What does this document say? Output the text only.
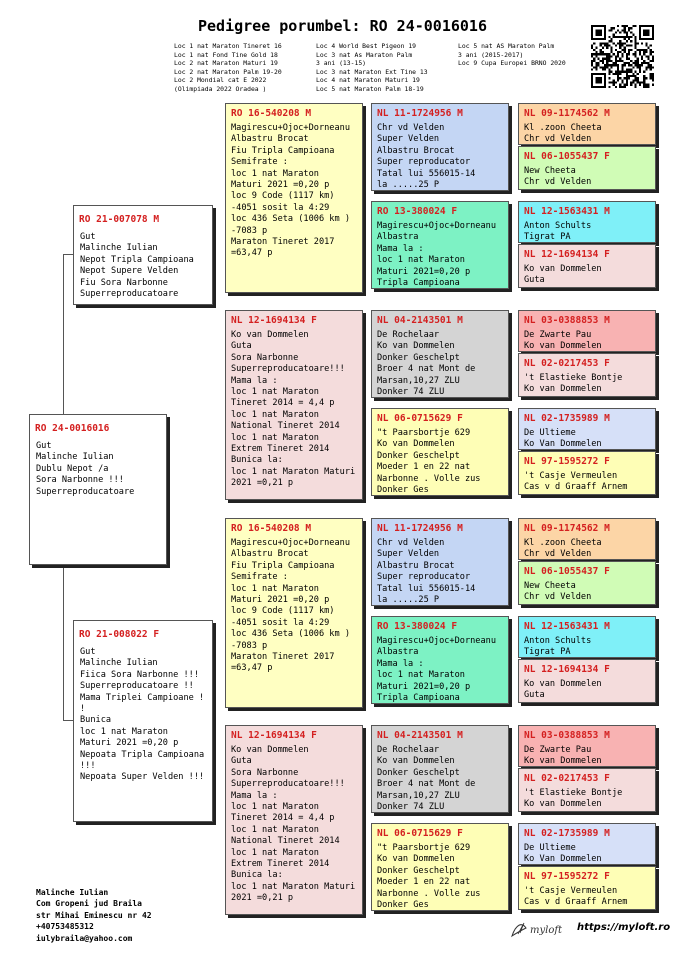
Pedigree porumbel: RO 24-0016016
Loc 1 nat Maraton Tineret 16
Loc 1 nat Fond Tine Gold 18
Loc 2 nat Maraton Maturi 19
Loc 2 nat Maraton Palm 19-20
Loc 2 Mondial cat E 2022
(Olimpiada 2022 Oradea )
Loc 4 World Best Pigeon 19
Loc 3 nat As Maraton Palm
3 ani (13-15)
Loc 3 nat Maraton Ext Tine 13
Loc 4 nat Maraton Maturi 19
Loc 5 nat Maraton Palm 18-19
Loc 5 nat AS Maraton Palm
3 ani (2015-2017)
Loc 9 Cupa Europei BRNO 2020
RO 24-0016016
Gut
Malinche Iulian
Dublu Nepot /a
Sora Narbonne !!!
Superreproducatoare
RO 21-007078 M
Gut
Malinche Iulian
Nepot Tripla Campioana
Nepot Supere Velden
Fiu Sora Narbonne
Superreproducatoare
RO 21-008022 F
Gut
Malinche Iulian
Fiica Sora Narbonne !!!
Superreproducatoare !!
Mama Triplei Campioane !
!
Bunica
loc 1 nat Maraton
Maturi 2021 =0,20 p
Nepoata Tripla Campioana
!!!
Nepoata Super Velden !!!
RO 16-540208 M
Magirescu+Ojoc+Dorneanu
Albastru Brocat
Fiu Tripla Campioana
Semifrate :
loc 1 nat Maraton
Maturi 2021 =0,20 p
loc 9 Code (1117 km)
-4051 sosit la 4:29
loc 436 Seta (1006 km )
-7083 p
Maraton Tineret 2017
=63,47 p
NL 12-1694134 F
Ko van Dommelen
Guta
Sora Narbonne
Superreproducatoare!!!
Mama la :
loc 1 nat Maraton
Tineret 2014 = 4,4 p
loc 1 nat Maraton
National Tineret 2014
loc 1 nat Maraton
Extrem Tineret 2014
Bunica la:
loc 1 nat Maraton Maturi
2021 =0,21 p
NL 11-1724956 M
Chr vd Velden
Super Velden
Albastru Brocat
Super reproducator
Tatal lui 556015-14
la .....25 P
RO 13-380024 F
Magirescu+Ojoc+Dorneanu
Albastra
Mama la :
loc 1 nat Maraton
Maturi 2021=0,20 p
Tripla Campioana
NL 04-2143501 M
De Rochelaar
Ko van Dommelen
Donker Geschelpt
Broer 4 nat Mont de
Marsan,10,27 ZLU
Donker 74 ZLU
NL 06-0715629 F
"t Paarsbortje 629
Ko van Dommelen
Donker Geschelpt
Moeder 1 en 22 nat
Narbonne . Volle zus
Donker Ges
NL 09-1174562 M
Kl .zoon Cheeta
Chr vd Velden
NL 06-1055437 F
New Cheeta
Chr vd Velden
NL 12-1563431 M
Anton Schults
Tigrat PA
NL 12-1694134 F
Ko van Dommelen
Guta
NL 03-0388853 M
De Zwarte Pau
Ko van Dommelen
NL 02-0217453 F
't Elastieke Bontje
Ko van Dommelen
NL 02-1735989 M
De Ultieme
Ko Van Dommelen
NL 97-1595272 F
't Casje Vermeulen
Cas v d Graaff Arnem
RO 16-540208 M
Magirescu+Ojoc+Dorneanu
Albastru Brocat
Fiu Tripla Campioana
Semifrate :
loc 1 nat Maraton
Maturi 2021 =0,20 p
loc 9 Code (1117 km)
-4051 sosit la 4:29
loc 436 Seta (1006 km )
-7083 p
Maraton Tineret 2017
=63,47 p
NL 12-1694134 F
Ko van Dommelen
Guta
Sora Narbonne
Superreproducatoare!!!
Mama la :
loc 1 nat Maraton
Tineret 2014 = 4,4 p
loc 1 nat Maraton
National Tineret 2014
loc 1 nat Maraton
Extrem Tineret 2014
Bunica la:
loc 1 nat Maraton Maturi
2021 =0,21 p
NL 11-1724956 M
Chr vd Velden
Super Velden
Albastru Brocat
Super reproducator
Tatal lui 556015-14
la .....25 P
RO 13-380024 F
Magirescu+Ojoc+Dorneanu
Albastra
Mama la :
loc 1 nat Maraton
Maturi 2021=0,20 p
Tripla Campioana
NL 04-2143501 M
De Rochelaar
Ko van Dommelen
Donker Geschelpt
Broer 4 nat Mont de
Marsan,10,27 ZLU
Donker 74 ZLU
NL 06-0715629 F
"t Paarsbortje 629
Ko van Dommelen
Donker Geschelpt
Moeder 1 en 22 nat
Narbonne . Volle zus
Donker Ges
NL 09-1174562 M
Kl .zoon Cheeta
Chr vd Velden
NL 06-1055437 F
New Cheeta
Chr vd Velden
NL 12-1563431 M
Anton Schults
Tigrat PA
NL 12-1694134 F
Ko van Dommelen
Guta
NL 03-0388853 M
De Zwarte Pau
Ko van Dommelen
NL 02-0217453 F
't Elastieke Bontje
Ko van Dommelen
NL 02-1735989 M
De Ultieme
Ko Van Dommelen
NL 97-1595272 F
't Casje Vermeulen
Cas v d Graaff Arnem
Malinche Iulian
Com Gropeni jud Braila
str Mihai Eminescu nr 42
+40753485312
iulybraila@yahoo.com
myloft https://myloft.ro
